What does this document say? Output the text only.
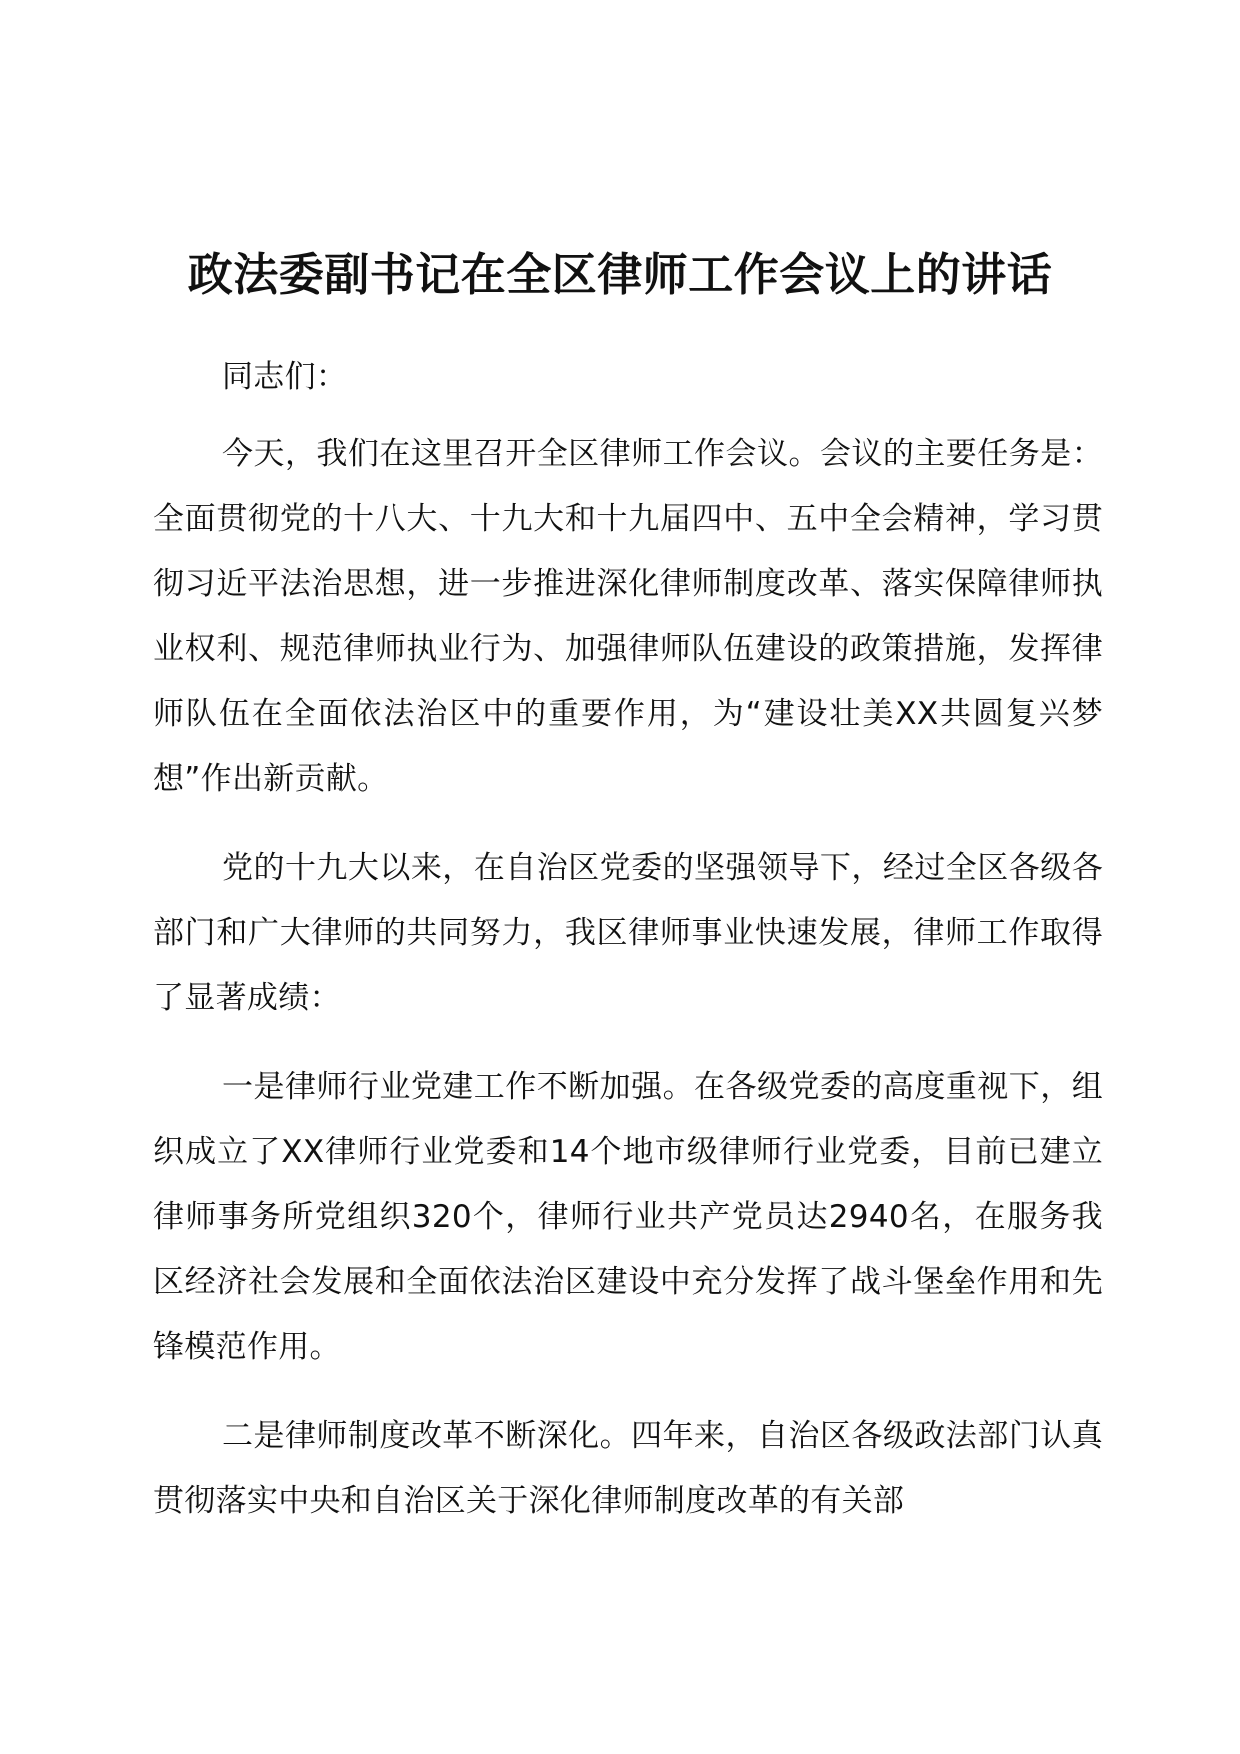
政法委副书记在全区律师工作会议上的讲话

同志们：

今天，我们在这里召开全区律师工作会议。会议的主要任务是：全面贯彻党的十八大、十九大和十九届四中、五中全会精神，学习贯彻习近平法治思想，进一步推进深化律师制度改革、落实保障律师执业权利、规范律师执业行为、加强律师队伍建设的政策措施，发挥律师队伍在全面依法治区中的重要作用，为“建设壮美XX共圆复兴梦想”作出新贡献。

党的十九大以来，在自治区党委的坚强领导下，经过全区各级各部门和广大律师的共同努力，我区律师事业快速发展，律师工作取得了显著成绩：

一是律师行业党建工作不断加强。在各级党委的高度重视下，组织成立了XX律师行业党委和14个地市级律师行业党委，目前已建立律师事务所党组织320个，律师行业共产党员达2940名，在服务我区经济社会发展和全面依法治区建设中充分发挥了战斗堡垒作用和先锋模范作用。

二是律师制度改革不断深化。四年来，自治区各级政法部门认真贯彻落实中央和自治区关于深化律师制度改革的有关部
